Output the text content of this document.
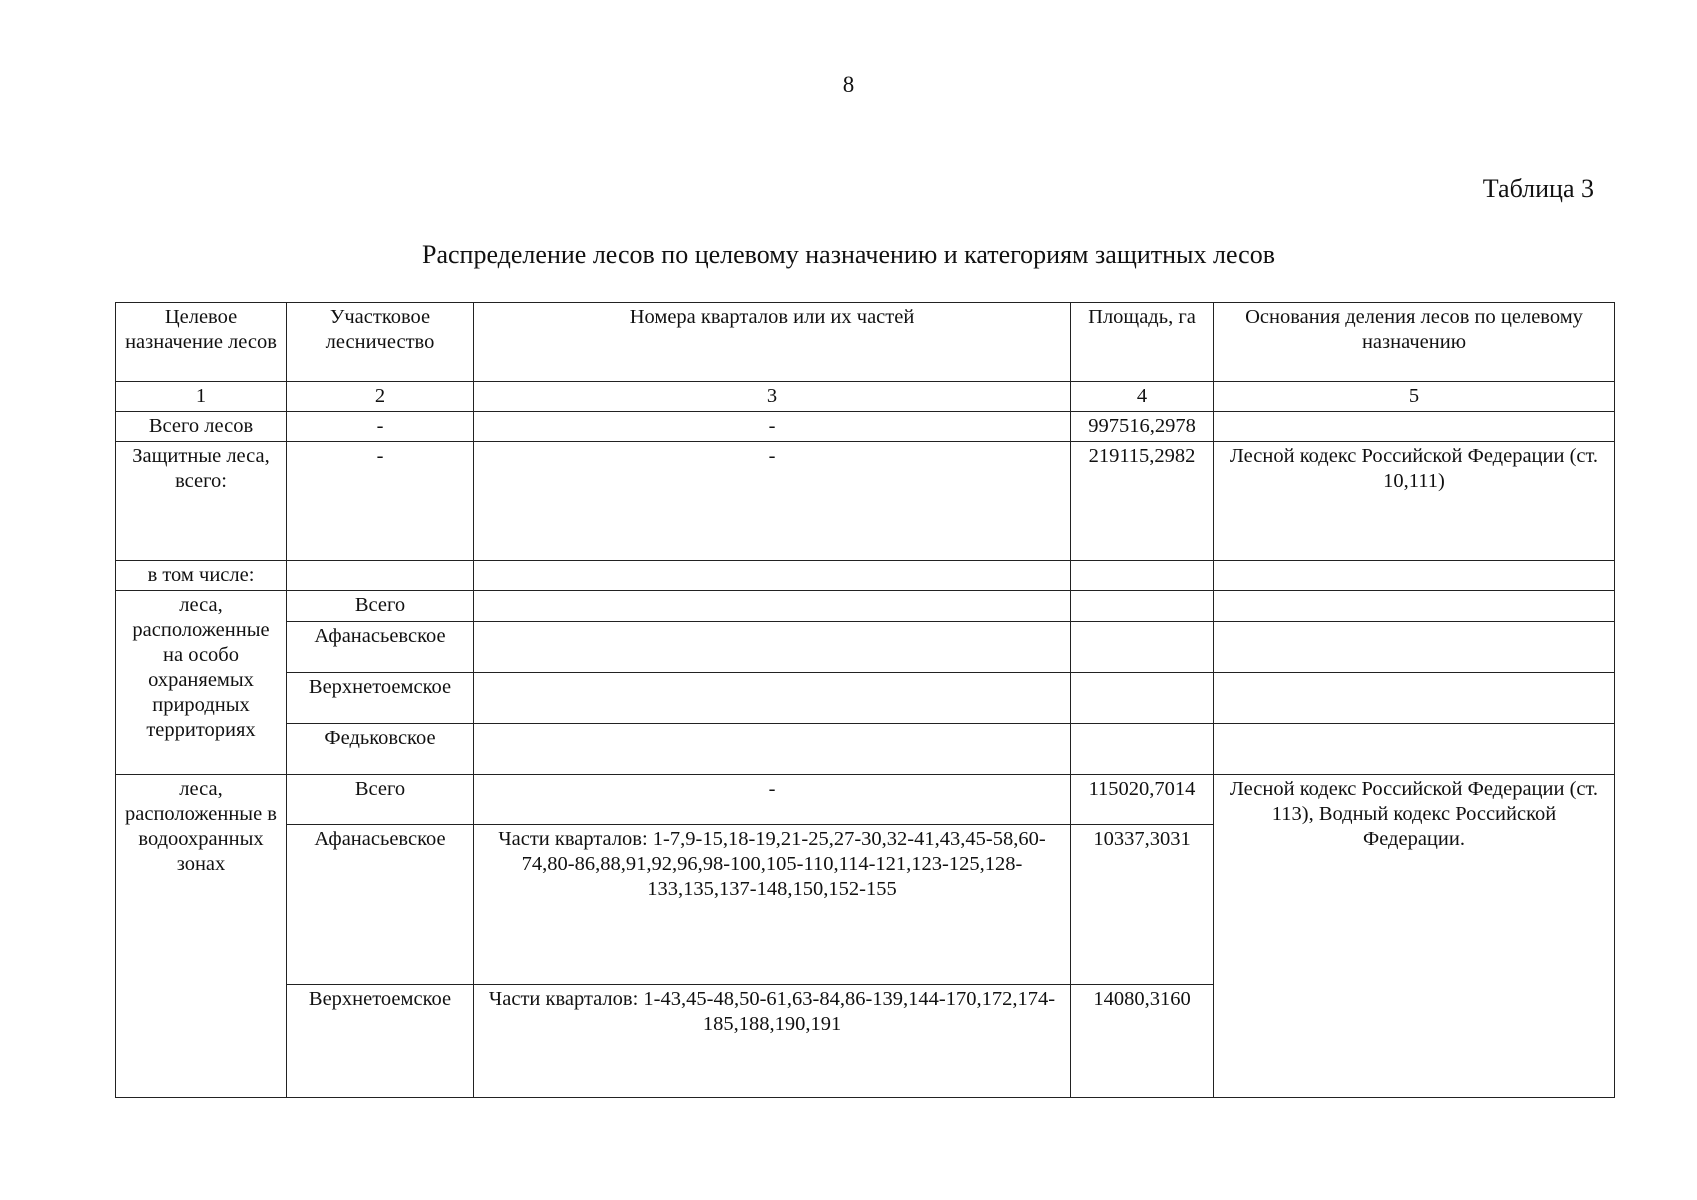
8
Таблица 3
Распределение лесов по целевому назначению и категориям защитных лесов
Целевое назначение лесов	Участковое лесничество	Номера кварталов или их частей	Площадь, га	Основания деления лесов по целевому назначению
1	2	3	4	5
Всего лесов	-	-	997516,2978	
Защитные леса, всего:	-	-	219115,2982	Лесной кодекс Российской Федерации (ст. 10,111)
в том числе:				
леса, расположенные на особо охраняемых природных территориях	Всего			
	Афанасьевское			
	Верхнетоемское			
	Федьковское			
леса, расположенные в водоохранных зонах	Всего	-	115020,7014	Лесной кодекс Российской Федерации (ст. 113), Водный кодекс Российской Федерации.
	Афанасьевское	Части кварталов: 1-7,9-15,18-19,21-25,27-30,32-41,43,45-58,60-74,80-86,88,91,92,96,98-100,105-110,114-121,123-125,128-133,135,137-148,150,152-155	10337,3031	
	Верхнетоемское	Части кварталов: 1-43,45-48,50-61,63-84,86-139,144-170,172,174-185,188,190,191	14080,3160	
